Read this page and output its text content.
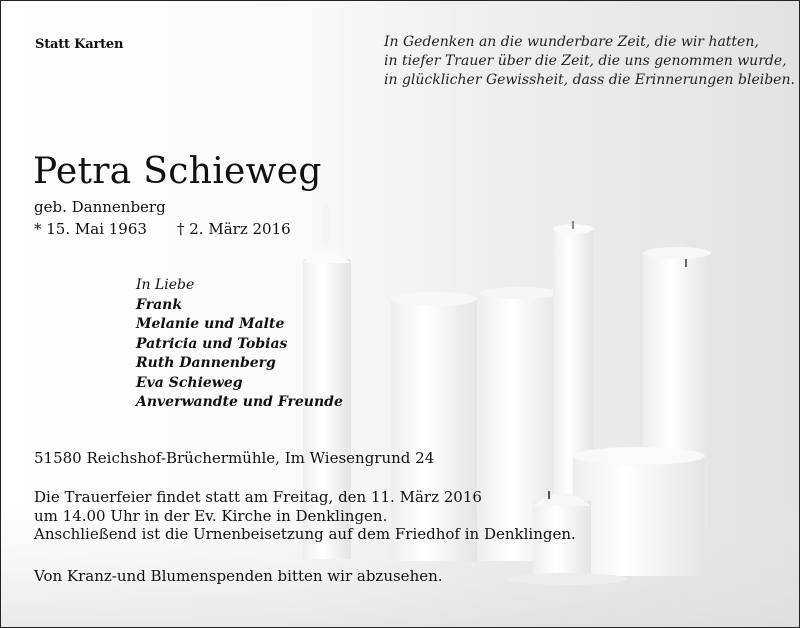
Statt Karten	In Gedenken an die wunderbare Zeit, die wir hatten,
in tiefer Trauer über die Zeit, die uns genommen wurde,
in glücklicher Gewissheit, dass die Erinnerungen bleiben.
Petra Schieweg
geb. Dannenberg
* 15. Mai 1963 † 2. März 2016
In Liebe
Frank
Melanie und Malte
Patricia und Tobias
Ruth Dannenberg
Eva Schieweg
Anverwandte und Freunde
51580 Reichshof-Brüchermühle, Im Wiesengrund 24
Die Trauerfeier findet statt am Freitag, den 11. März 2016
um 14.00 Uhr in der Ev. Kirche in Denklingen.
Anschließend ist die Urnenbeisetzung auf dem Friedhof in Denklingen.
Von Kranz-und Blumenspenden bitten wir abzusehen.
